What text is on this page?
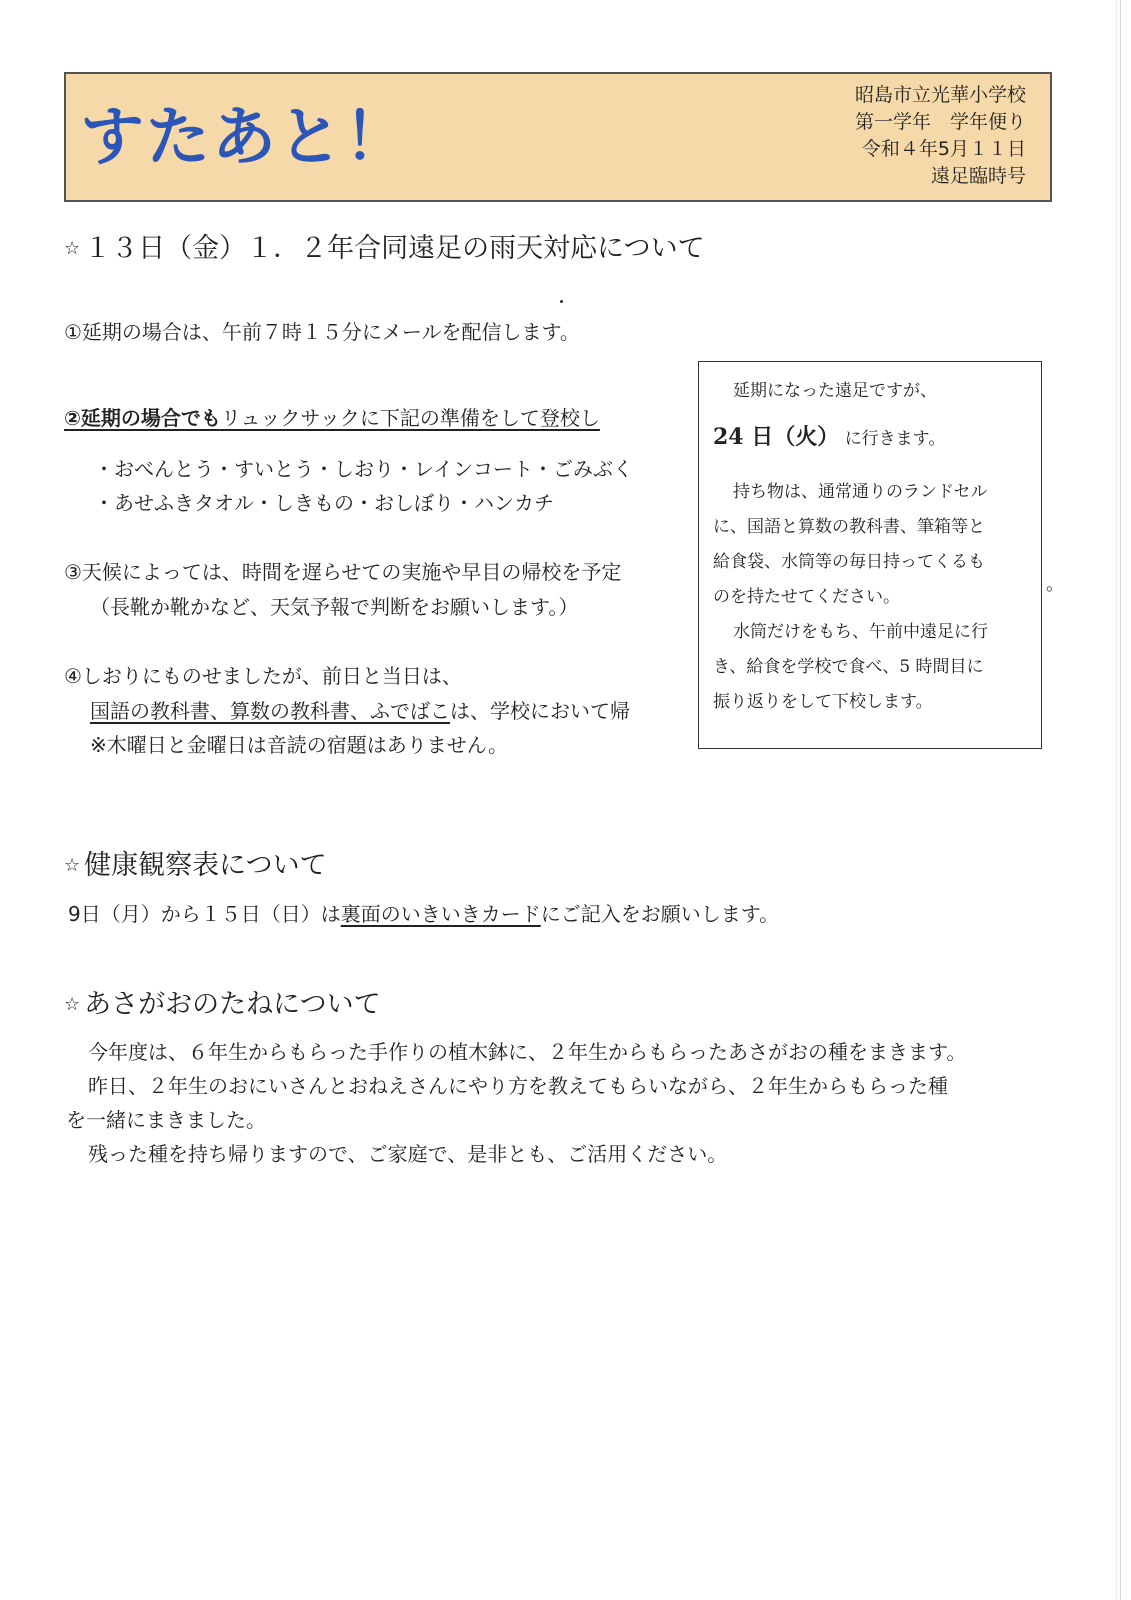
すたあと！
昭島市立光華小学校
第一学年　学年便り
令和４年5月１１日
遠足臨時号
☆ １３日（金）１．２年合同遠足の雨天対応について
①延期の場合は、午前７時１５分にメールを配信します。
②延期の場合でもリュックサックに下記の準備をして登校し
・おべんとう・すいとう・しおり・レインコート・ごみぶく
・あせふきタオル・しきもの・おしぼり・ハンカチ
③天候によっては、時間を遅らせての実施や早目の帰校を予定
（長靴か靴かなど、天気予報で判断をお願いします。）
。
④しおりにものせましたが、前日と当日は、
国語の教科書、算数の教科書、ふでばこは、学校において帰
※木曜日と金曜日は音読の宿題はありません。
延期になった遠足ですが、
24 日（火） に行きます。
持ち物は、通常通りのランドセル
に、国語と算数の教科書、筆箱等と
給食袋、水筒等の毎日持ってくるも
のを持たせてください。
水筒だけをもち、午前中遠足に行
き、給食を学校で食べ、5 時間目に
振り返りをして下校します。
☆ 健康観察表について
9日（月）から１５日（日）は裏面のいきいきカードにご記入をお願いします。
☆ あさがおのたねについて
今年度は、６年生からもらった手作りの植木鉢に、２年生からもらったあさがおの種をまきます。
昨日、２年生のおにいさんとおねえさんにやり方を教えてもらいながら、２年生からもらった種
を一緒にまきました。
残った種を持ち帰りますので、ご家庭で、是非とも、ご活用ください。
